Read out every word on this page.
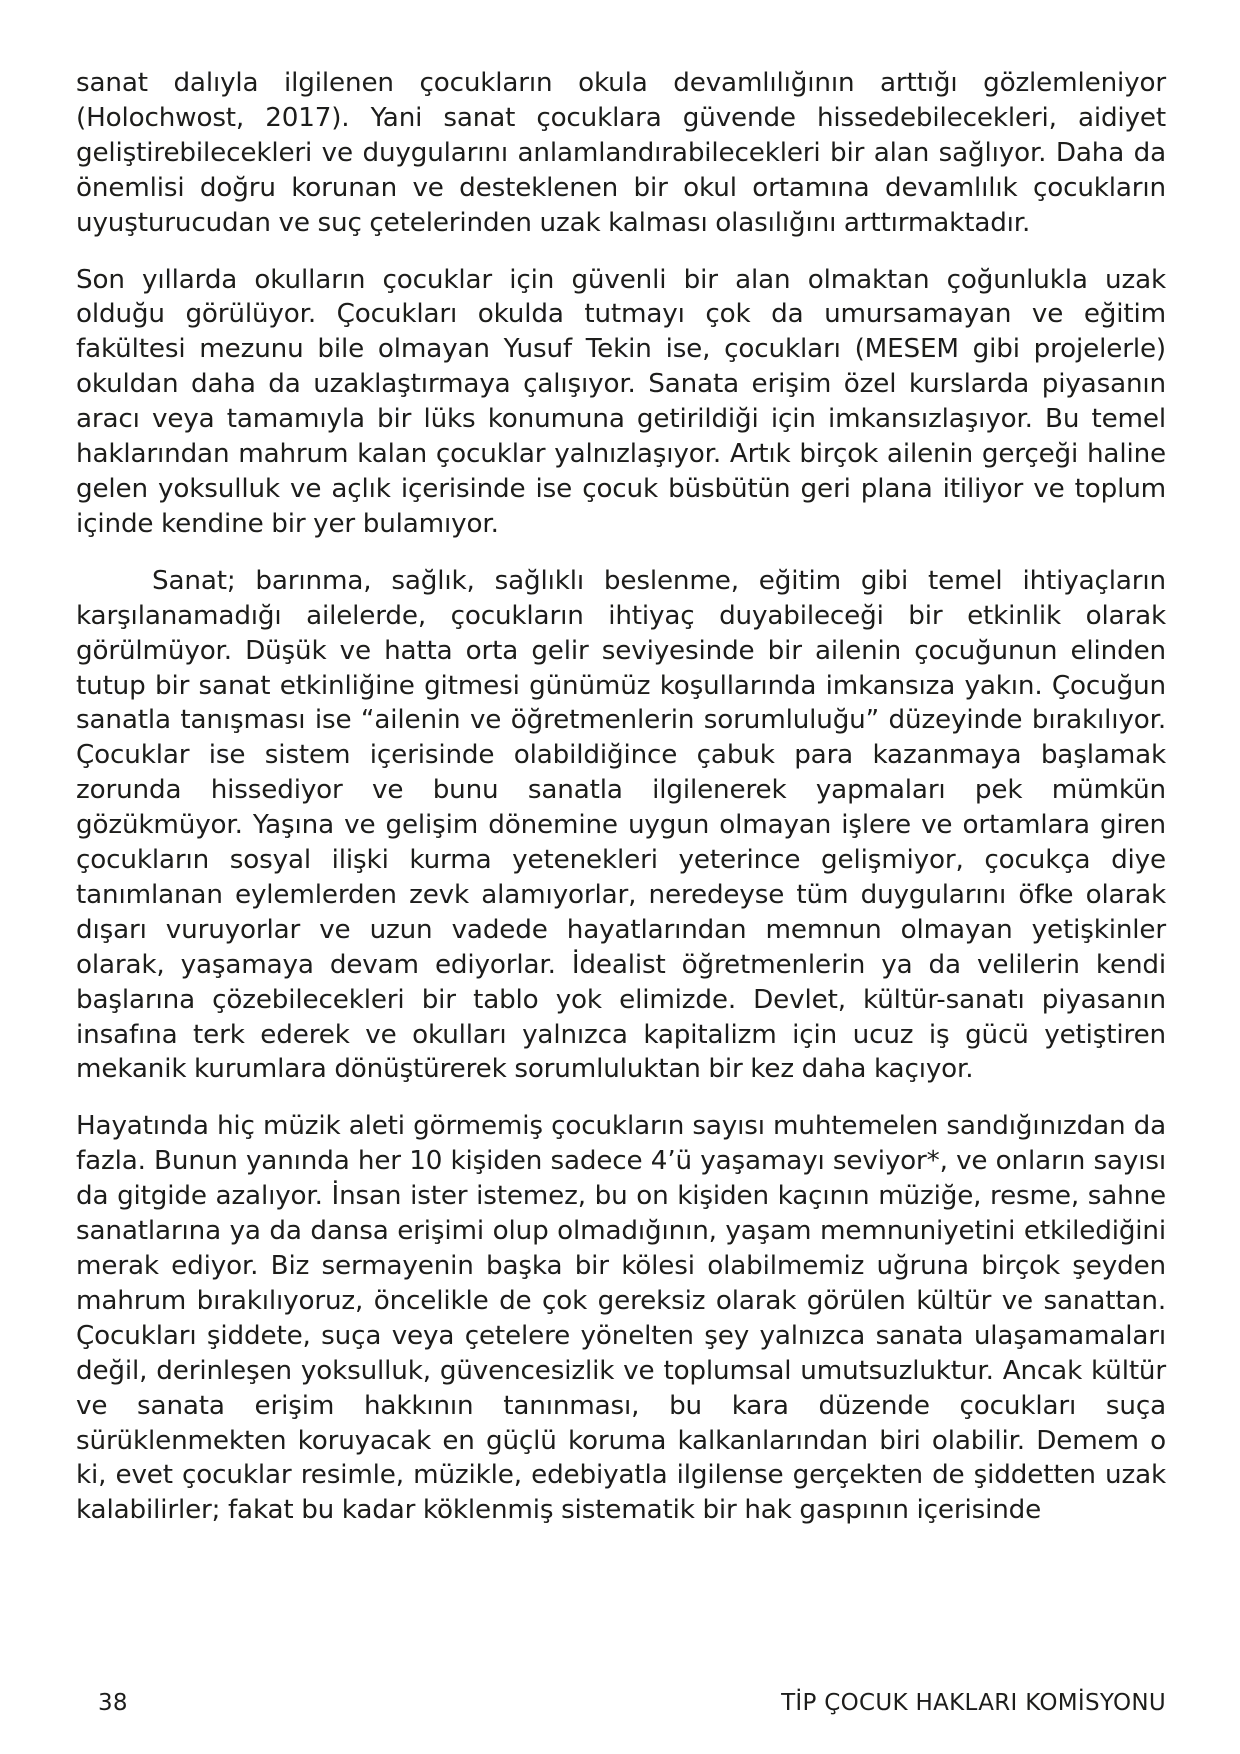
sanat dalıyla ilgilenen çocukların okula devamlılığının arttığı gözlemleniyor (Holochwost, 2017). Yani sanat çocuklara güvende hissedebilecekleri, aidiyet geliştirebilecekleri ve duygularını anlamlandırabilecekleri bir alan sağlıyor. Daha da önemlisi doğru korunan ve desteklenen bir okul ortamına devamlılık çocukların uyuşturucudan ve suç çetelerinden uzak kalması olasılığını arttırmaktadır.

Son yıllarda okulların çocuklar için güvenli bir alan olmaktan çoğunlukla uzak olduğu görülüyor. Çocukları okulda tutmayı çok da umursamayan ve eğitim fakültesi mezunu bile olmayan Yusuf Tekin ise, çocukları (MESEM gibi projelerle) okuldan daha da uzaklaştırmaya çalışıyor. Sanata erişim özel kurslarda piyasanın aracı veya tamamıyla bir lüks konumuna getirildiği için imkansızlaşıyor. Bu temel haklarından mahrum kalan çocuklar yalnızlaşıyor. Artık birçok ailenin gerçeği haline gelen yoksulluk ve açlık içerisinde ise çocuk büsbütün geri plana itiliyor ve toplum içinde kendine bir yer bulamıyor.

Sanat; barınma, sağlık, sağlıklı beslenme, eğitim gibi temel ihtiyaçların karşılanamadığı ailelerde, çocukların ihtiyaç duyabileceği bir etkinlik olarak görülmüyor. Düşük ve hatta orta gelir seviyesinde bir ailenin çocuğunun elinden tutup bir sanat etkinliğine gitmesi günümüz koşullarında imkansıza yakın. Çocuğun sanatla tanışması ise “ailenin ve öğretmenlerin sorumluluğu” düzeyinde bırakılıyor. Çocuklar ise sistem içerisinde olabildiğince çabuk para kazanmaya başlamak zorunda hissediyor ve bunu sanatla ilgilenerek yapmaları pek mümkün gözükmüyor. Yaşına ve gelişim dönemine uygun olmayan işlere ve ortamlara giren çocukların sosyal ilişki kurma yetenekleri yeterince gelişmiyor, çocukça diye tanımlanan eylemlerden zevk alamıyorlar, neredeyse tüm duygularını öfke olarak dışarı vuruyorlar ve uzun vadede hayatlarından memnun olmayan yetişkinler olarak, yaşamaya devam ediyorlar. İdealist öğretmenlerin ya da velilerin kendi başlarına çözebilecekleri bir tablo yok elimizde. Devlet, kültür-sanatı piyasanın insafına terk ederek ve okulları yalnızca kapitalizm için ucuz iş gücü yetiştiren mekanik kurumlara dönüştürerek sorumluluktan bir kez daha kaçıyor.

Hayatında hiç müzik aleti görmemiş çocukların sayısı muhtemelen sandığınızdan da fazla. Bunun yanında her 10 kişiden sadece 4’ü yaşamayı seviyor*, ve onların sayısı da gitgide azalıyor. İnsan ister istemez, bu on kişiden kaçının müziğe, resme, sahne sanatlarına ya da dansa erişimi olup olmadığının, yaşam memnuniyetini etkilediğini merak ediyor. Biz sermayenin başka bir kölesi olabilmemiz uğruna birçok şeyden mahrum bırakılıyoruz, öncelikle de çok gereksiz olarak görülen kültür ve sanattan. Çocukları şiddete, suça veya çetelere yönelten şey yalnızca sanata ulaşamamaları değil, derinleşen yoksulluk, güvencesizlik ve toplumsal umutsuzluktur. Ancak kültür ve sanata erişim hakkının tanınması, bu kara düzende çocukları suça sürüklenmekten koruyacak en güçlü koruma kalkanlarından biri olabilir. Demem o ki, evet çocuklar resimle, müzikle, edebiyatla ilgilense gerçekten de şiddetten uzak kalabilirler; fakat bu kadar köklenmiş sistematik bir hak gaspının içerisinde

38	TİP ÇOCUK HAKLARI KOMİSYONU
